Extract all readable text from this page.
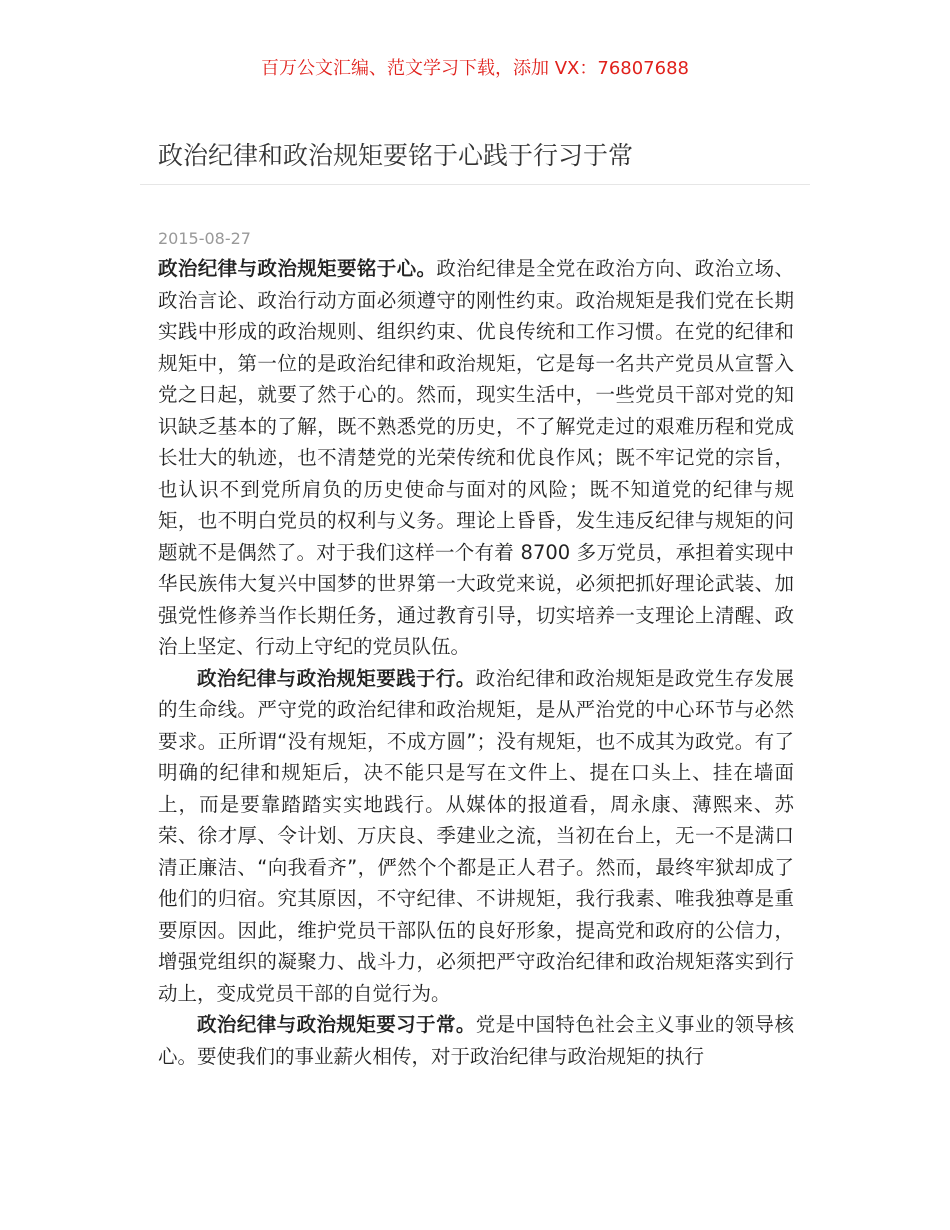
百万公文汇编、范文学习下载，添加 VX：76807688
政治纪律和政治规矩要铭于心践于行习于常
2015-08-27

政治纪律与政治规矩要铭于心。政治纪律是全党在政治方向、政治立场、政治言论、政治行动方面必须遵守的刚性约束。政治规矩是我们党在长期实践中形成的政治规则、组织约束、优良传统和工作习惯。在党的纪律和规矩中，第一位的是政治纪律和政治规矩，它是每一名共产党员从宣誓入党之日起，就要了然于心的。然而，现实生活中，一些党员干部对党的知识缺乏基本的了解，既不熟悉党的历史，不了解党走过的艰难历程和党成长壮大的轨迹，也不清楚党的光荣传统和优良作风；既不牢记党的宗旨，也认识不到党所肩负的历史使命与面对的风险；既不知道党的纪律与规矩，也不明白党员的权利与义务。理论上昏昏，发生违反纪律与规矩的问题就不是偶然了。对于我们这样一个有着 8700 多万党员，承担着实现中华民族伟大复兴中国梦的世界第一大政党来说，必须把抓好理论武装、加强党性修养当作长期任务，通过教育引导，切实培养一支理论上清醒、政治上坚定、行动上守纪的党员队伍。

政治纪律与政治规矩要践于行。政治纪律和政治规矩是政党生存发展的生命线。严守党的政治纪律和政治规矩，是从严治党的中心环节与必然要求。正所谓“没有规矩，不成方圆”；没有规矩，也不成其为政党。有了明确的纪律和规矩后，决不能只是写在文件上、提在口头上、挂在墙面上，而是要靠踏踏实实地践行。从媒体的报道看，周永康、薄熙来、苏荣、徐才厚、令计划、万庆良、季建业之流，当初在台上，无一不是满口清正廉洁、“向我看齐”，俨然个个都是正人君子。然而，最终牢狱却成了他们的归宿。究其原因，不守纪律、不讲规矩，我行我素、唯我独尊是重要原因。因此，维护党员干部队伍的良好形象，提高党和政府的公信力，增强党组织的凝聚力、战斗力，必须把严守政治纪律和政治规矩落实到行动上，变成党员干部的自觉行为。

政治纪律与政治规矩要习于常。党是中国特色社会主义事业的领导核心。要使我们的事业薪火相传，对于政治纪律与政治规矩的执行
